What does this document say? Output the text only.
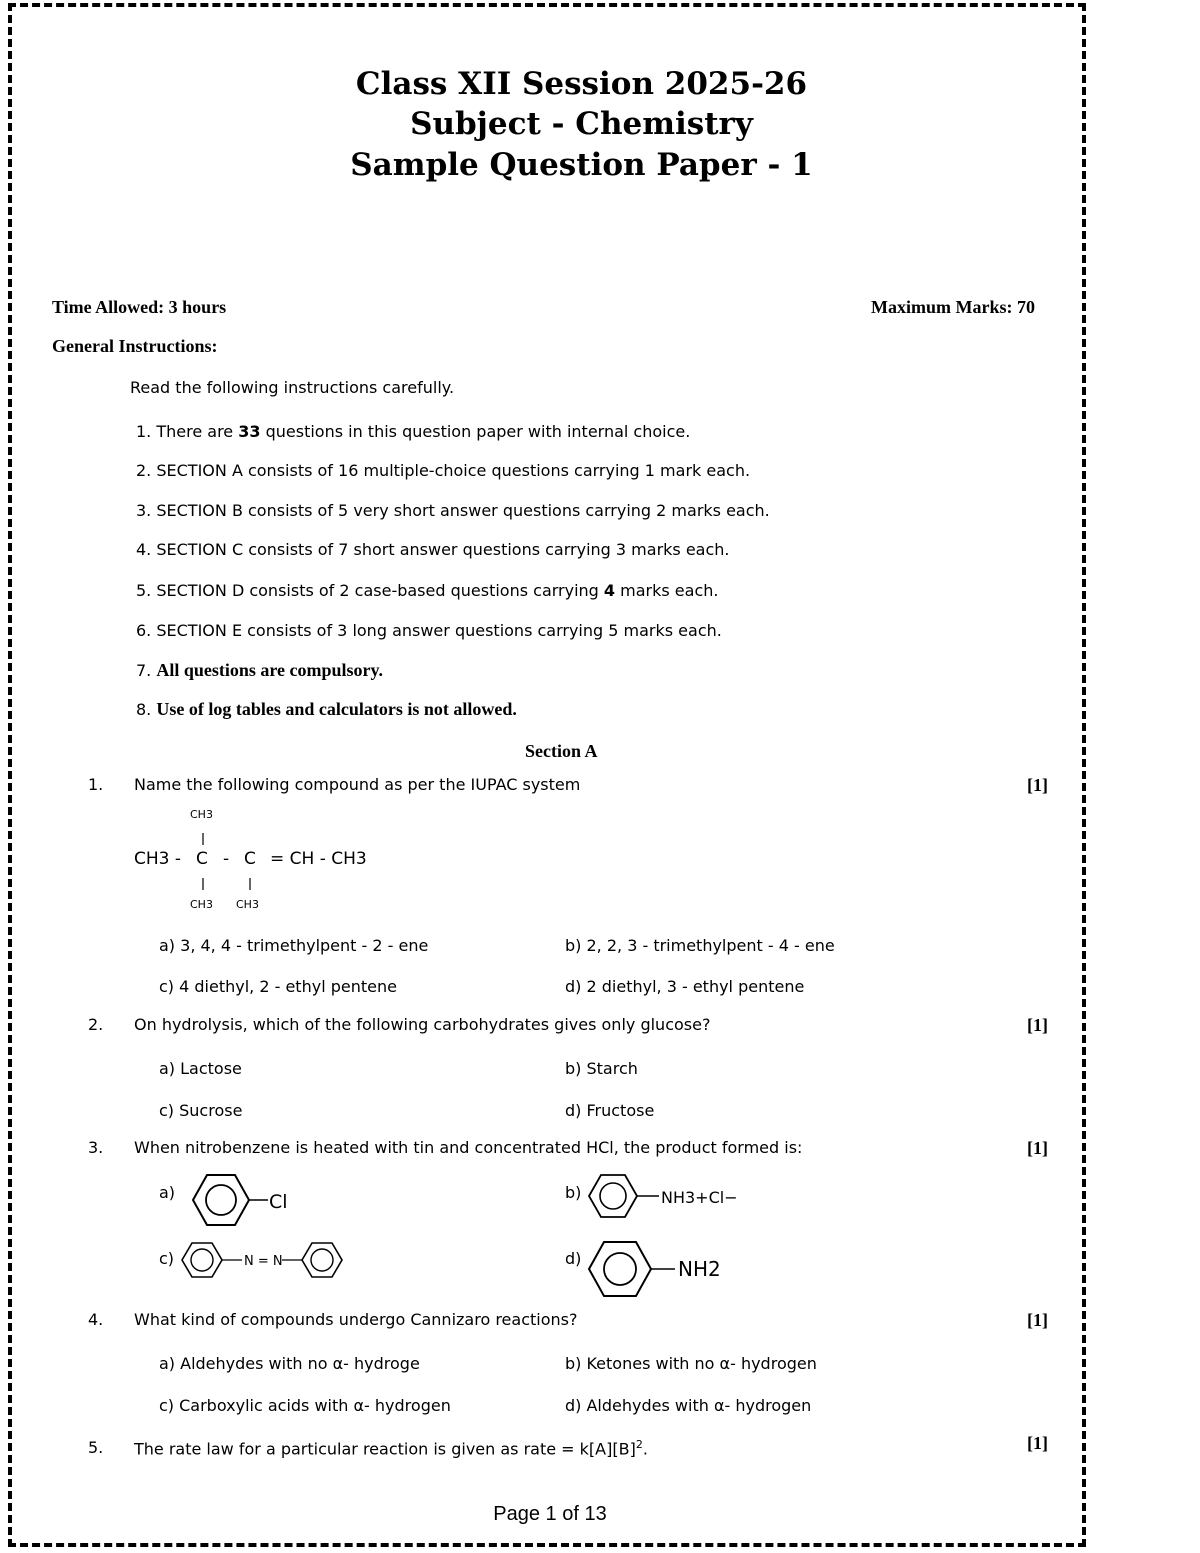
Class XII Session 2025-26
Subject - Chemistry
Sample Question Paper - 1
Time Allowed: 3 hours	Maximum Marks: 70
General Instructions:
Read the following instructions carefully.
1. There are 33 questions in this question paper with internal choice.
2. SECTION A consists of 16 multiple-choice questions carrying 1 mark each.
3. SECTION B consists of 5 very short answer questions carrying 2 marks each.
4. SECTION C consists of 7 short answer questions carrying 3 marks each.
5. SECTION D consists of 2 case-based questions carrying 4 marks each.
6. SECTION E consists of 3 long answer questions carrying 5 marks each.
7. All questions are compulsory.
8. Use of log tables and calculators is not allowed.
Section A
1. Name the following compound as per the IUPAC system	[1]
CH3
CH3 - C - C = CH - CH3
CH3 CH3
a) 3, 4, 4 - trimethylpent - 2 - ene	b) 2, 2, 3 - trimethylpent - 4 - ene
c) 4 diethyl, 2 - ethyl pentene	d) 2 diethyl, 3 - ethyl pentene
2. On hydrolysis, which of the following carbohydrates gives only glucose?	[1]
a) Lactose	b) Starch
c) Sucrose	d) Fructose
3. When nitrobenzene is heated with tin and concentrated HCl, the product formed is:	[1]
a)	Cl	b)	NH3+Cl−
c)	N = N	d)	NH2
4. What kind of compounds undergo Cannizaro reactions?	[1]
a) Aldehydes with no α- hydroge	b) Ketones with no α- hydrogen
c) Carboxylic acids with α- hydrogen	d) Aldehydes with α- hydrogen
5. The rate law for a particular reaction is given as rate = $k[A][B]^2$.	[1]
Page 1 of 13
